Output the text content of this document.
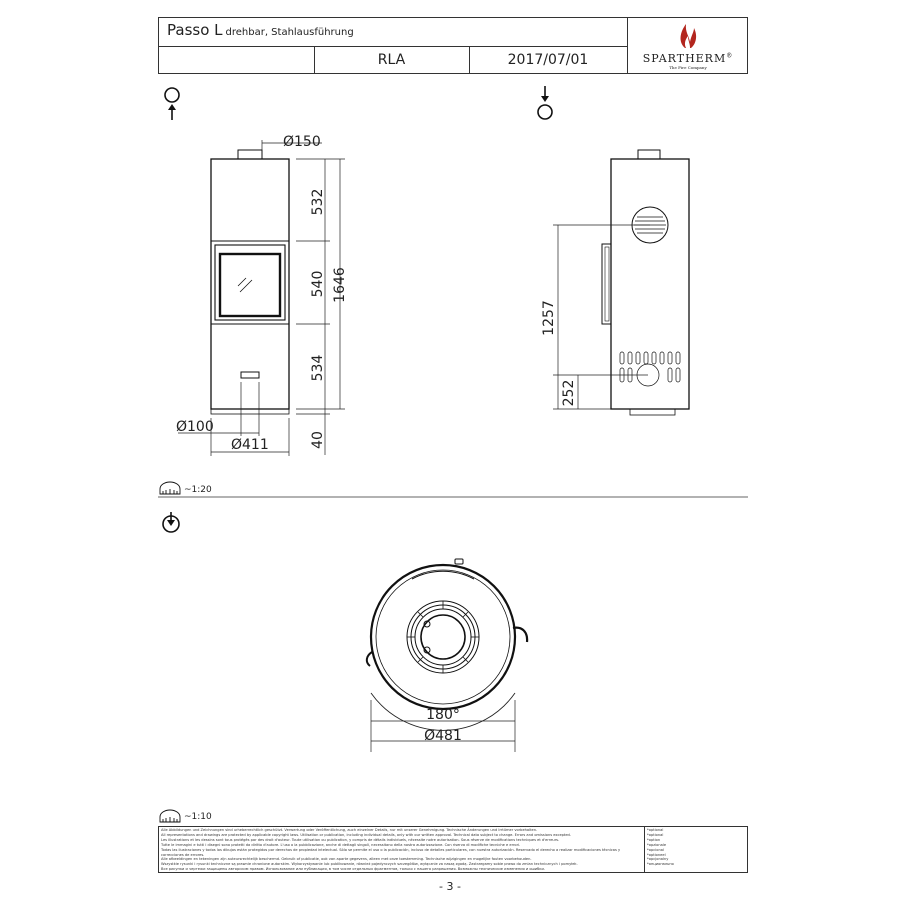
Passo L drehbar, Stahlausführung
RLA	2017/07/01	SPARTHERM®
The Fire Company
Ø150
532
540
534
1646
40
Ø100
Ø411
1257
252
180°
Ø481
~1:20
~1:10
Alle Abbildungen und Zeichnungen sind urheberrechtlich geschützt. Verwertung oder Veröffentlichung, auch einzelner Details, nur mit unserer Genehmigung. Technische Änderungen und Irrtümer vorbehalten.
All representations and drawings are protected by applicable copyright laws. Utilisation or publication, including individual details, only with our written approval. Technical data subject to change. Errors and omissions excepted.
Les illustrations et les dessins sont tous protégés par des droit d'auteur. Toute utilisation ou publication, y compris de détails individuels, nécessite notre autorisation. Sous réserve de modifications techniques et d'erreurs.
Tutte le immagini e tutti i disegni sono protetti da diritto d'autore. L'uso o la pubblicazione, anche di dettagli singoli, necessitano della nostra autorizzazione. Con riserva di modifiche tecniche e errori.
Todas las ilustraciones y todos los dibujos están protegidos por derechos de propiedad intelectual. Sólo se permite el uso o la publicación, incluso de detalles particulares, con nuestra autorización. Reservado el derecho a realizar modificaciones técnicas y correcciones de errores.
Alle afbeeldingen en tekeningen zijn auteursrechtelijk beschermd. Gebruik of publicatie, ook van aparte gegevens, alleen met onze toestemming. Technische wijzigingen en mogelijke fouten voorbehouden.
Wszystkie rysunki i rysunki techniczne są prawnie chronione autorskim. Wykorzystywanie lub publikowanie, również pojedynczych szczegółów, wyłącznie za naszą zgodą. Zastrzegamy sobie prawo do zmian technicznych i pomyłek.
Все рисунки и чертежи защищены авторским правом. Использование или публикация, в том числе отдельных фрагментов, только с нашего разрешения. Возможны технические изменения и ошибки.
*optional
*optional
*option
*opzionale
*opcional
*optioneel
*opcjonalny
*опционально
- 3 -
